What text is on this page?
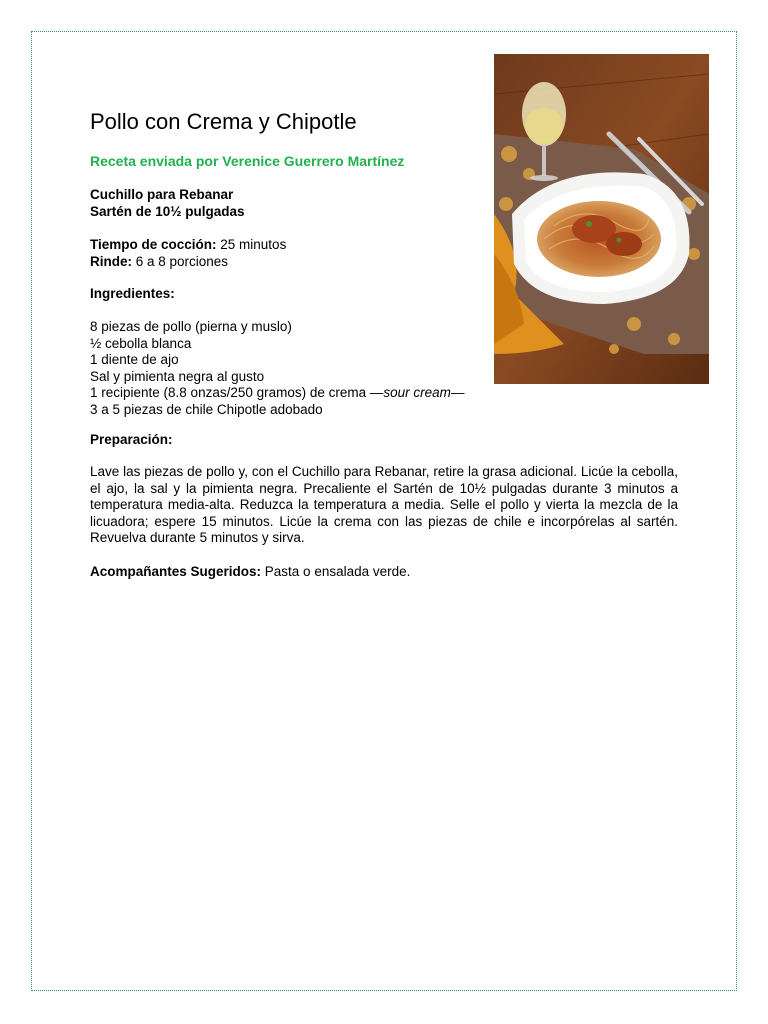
Pollo con Crema y Chipotle

Receta enviada por Verenice Guerrero Martínez

Cuchillo para Rebanar
Sartén de 10½ pulgadas
Tiempo de cocción: 25 minutos
Rinde: 6 a 8 porciones
Ingredientes:
8 piezas de pollo (pierna y muslo)
½ cebolla blanca
1 diente de ajo
Sal y pimienta negra al gusto
1 recipiente (8.8 onzas/250 gramos) de crema —sour cream—
3 a 5 piezas de chile Chipotle adobado
Preparación:
Lave las piezas de pollo y, con el Cuchillo para Rebanar, retire la grasa adicional. Licúe la cebolla, el ajo, la sal y la pimienta negra. Precaliente el Sartén de 10½ pulgadas durante 3 minutos a temperatura media-alta. Reduzca la temperatura a media. Selle el pollo y vierta la mezcla de la licuadora; espere 15 minutos. Licúe la crema con las piezas de chile e incorpórelas al sartén. Revuelva durante 5 minutos y sirva.
Acompañantes Sugeridos: Pasta o ensalada verde.
